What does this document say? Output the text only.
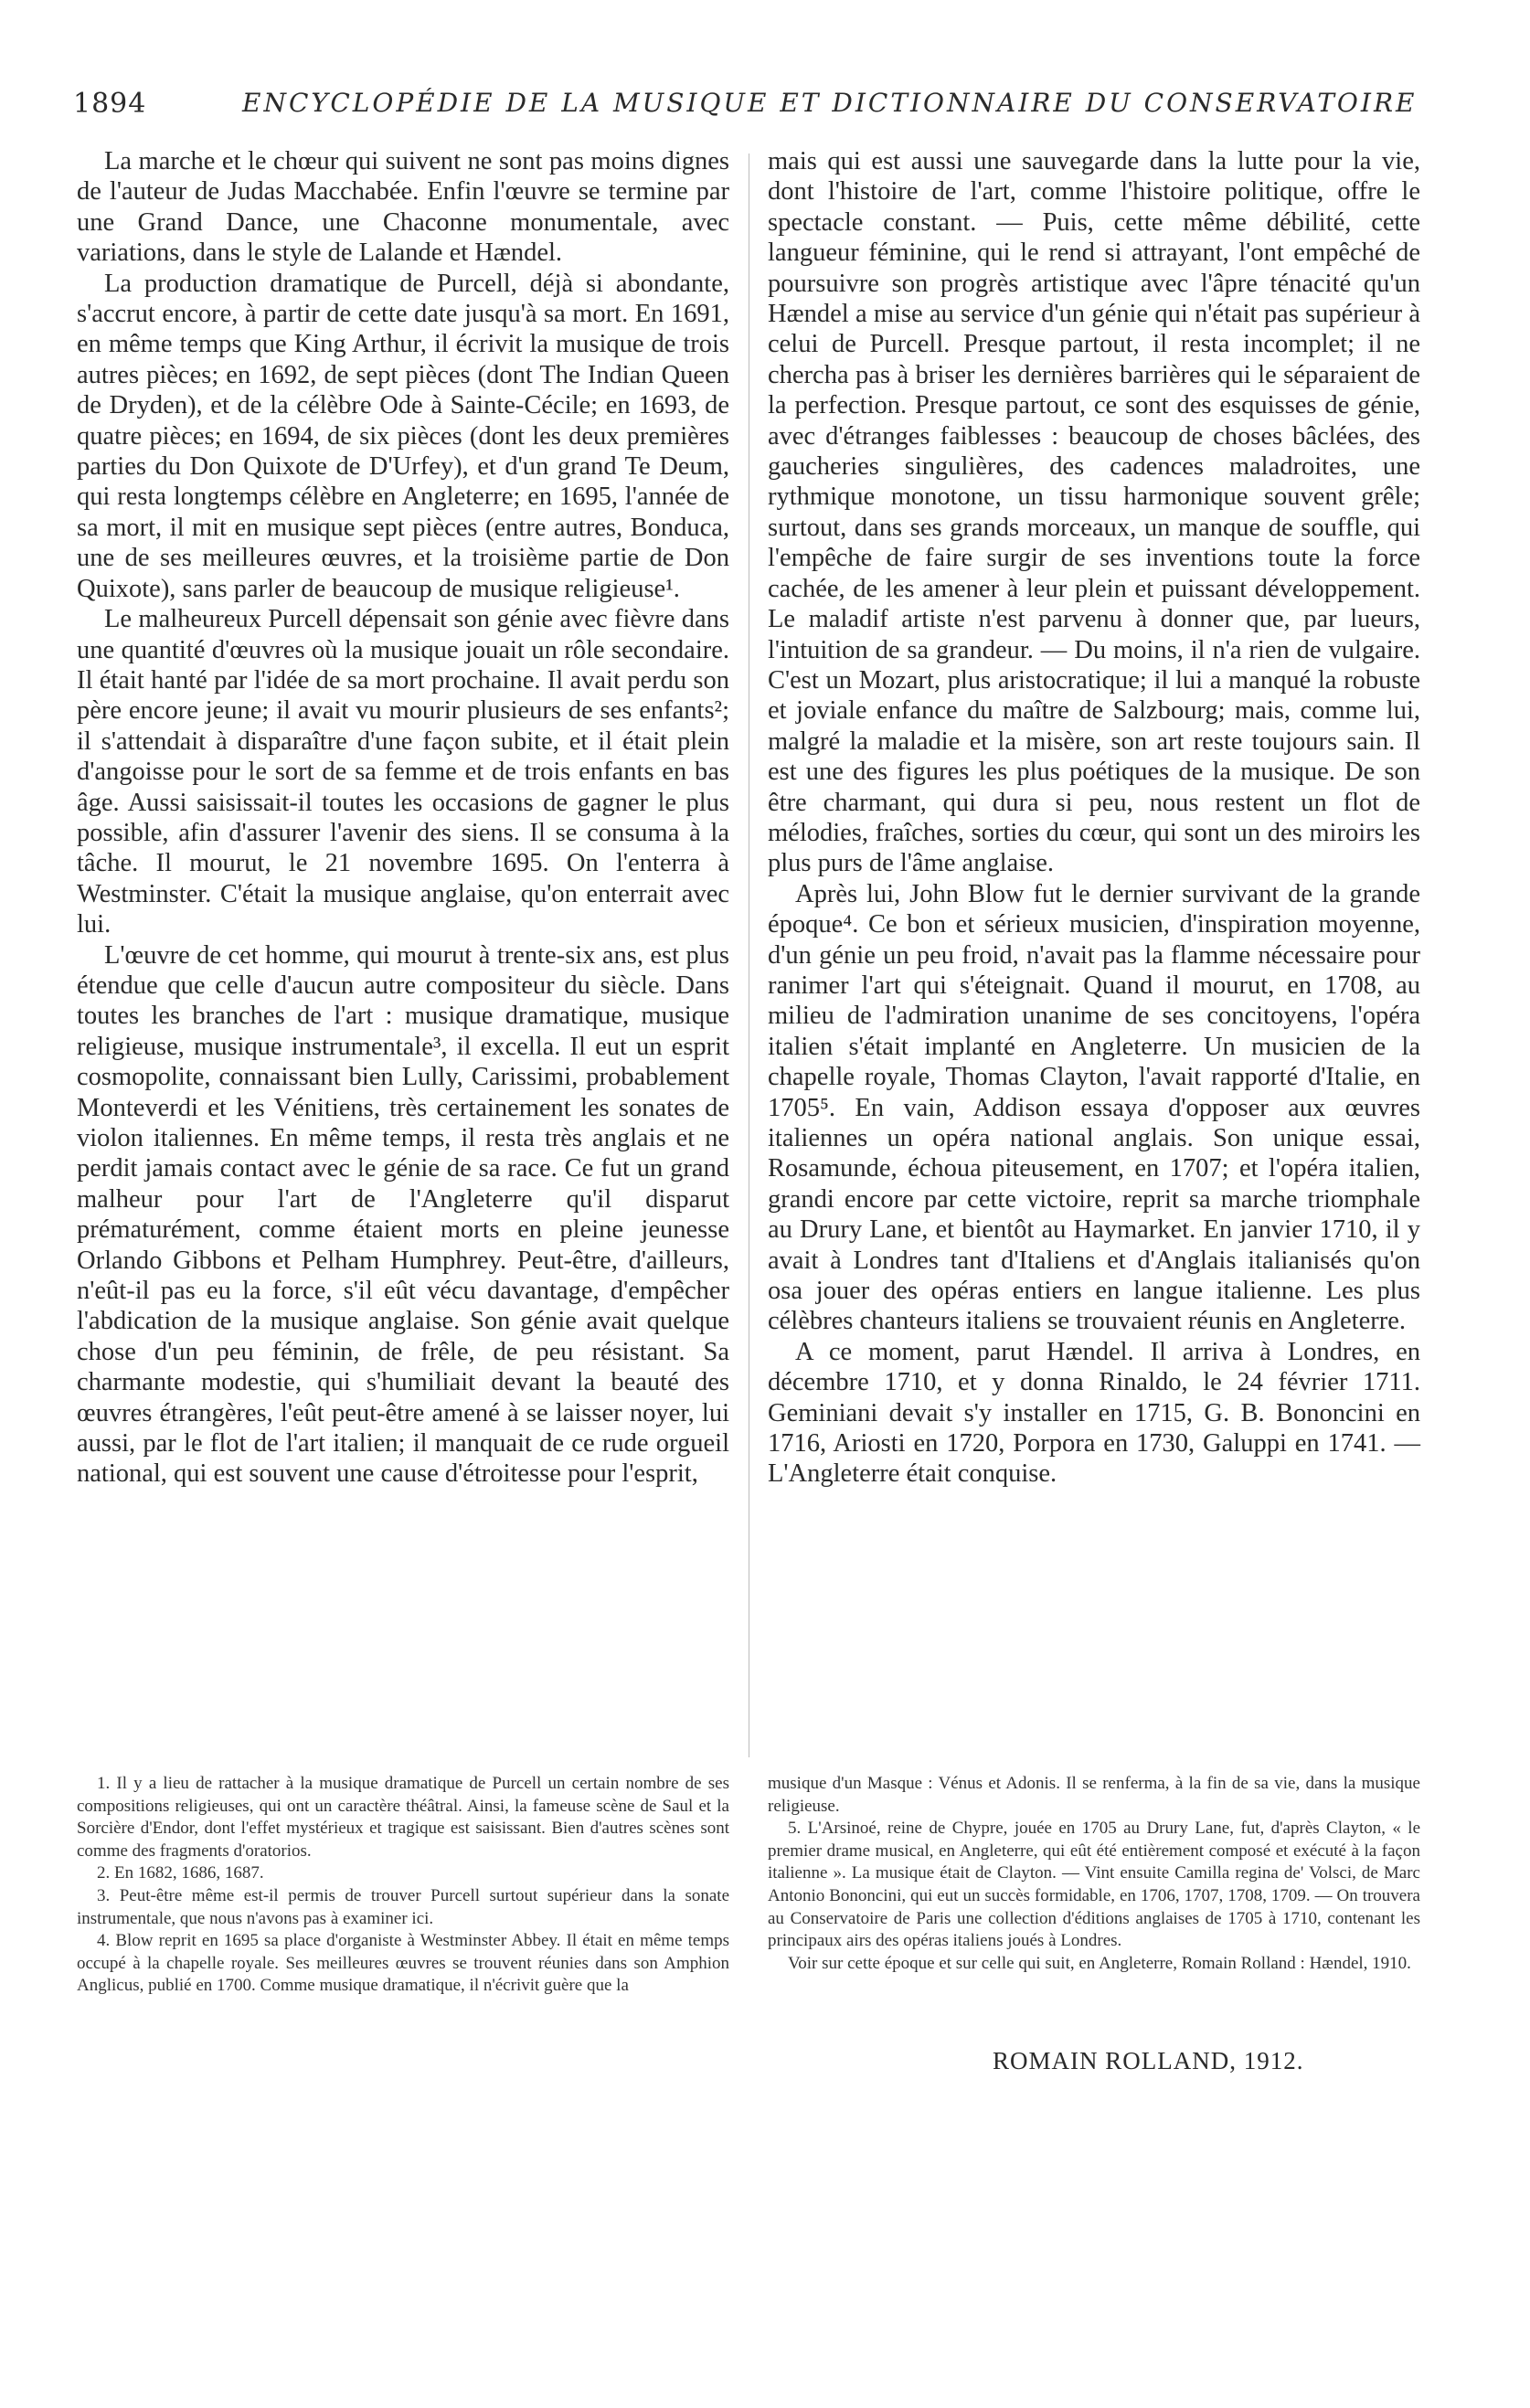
1894	ENCYCLOPÉDIE DE LA MUSIQUE ET DICTIONNAIRE DU CONSERVATOIRE

La marche et le chœur qui suivent ne sont pas moins dignes de l'auteur de Judas Macchabée. Enfin l'œuvre se termine par une Grand Dance, une Chaconne monumentale, avec variations, dans le style de Lalande et Hændel.

La production dramatique de Purcell, déjà si abondante, s'accrut encore, à partir de cette date jusqu'à sa mort. En 1691, en même temps que King Arthur, il écrivit la musique de trois autres pièces; en 1692, de sept pièces (dont The Indian Queen de Dryden), et de la célèbre Ode à Sainte-Cécile; en 1693, de quatre pièces; en 1694, de six pièces (dont les deux premières parties du Don Quixote de D'Urfey), et d'un grand Te Deum, qui resta longtemps célèbre en Angleterre; en 1695, l'année de sa mort, il mit en musique sept pièces (entre autres, Bonduca, une de ses meilleures œuvres, et la troisième partie de Don Quixote), sans parler de beaucoup de musique religieuse¹.

Le malheureux Purcell dépensait son génie avec fièvre dans une quantité d'œuvres où la musique jouait un rôle secondaire. Il était hanté par l'idée de sa mort prochaine. Il avait perdu son père encore jeune; il avait vu mourir plusieurs de ses enfants²; il s'attendait à disparaître d'une façon subite, et il était plein d'angoisse pour le sort de sa femme et de trois enfants en bas âge. Aussi saisissait-il toutes les occasions de gagner le plus possible, afin d'assurer l'avenir des siens. Il se consuma à la tâche. Il mourut, le 21 novembre 1695. On l'enterra à Westminster. C'était la musique anglaise, qu'on enterrait avec lui.

L'œuvre de cet homme, qui mourut à trente-six ans, est plus étendue que celle d'aucun autre compositeur du siècle. Dans toutes les branches de l'art : musique dramatique, musique religieuse, musique instrumentale³, il excella. Il eut un esprit cosmopolite, connaissant bien Lully, Carissimi, probablement Monteverdi et les Vénitiens, très certainement les sonates de violon italiennes. En même temps, il resta très anglais et ne perdit jamais contact avec le génie de sa race. Ce fut un grand malheur pour l'art de l'Angleterre qu'il disparut prématurément, comme étaient morts en pleine jeunesse Orlando Gibbons et Pelham Humphrey. Peut-être, d'ailleurs, n'eût-il pas eu la force, s'il eût vécu davantage, d'empêcher l'abdication de la musique anglaise. Son génie avait quelque chose d'un peu féminin, de frêle, de peu résistant. Sa charmante modestie, qui s'humiliait devant la beauté des œuvres étrangères, l'eût peut-être amené à se laisser noyer, lui aussi, par le flot de l'art italien; il manquait de ce rude orgueil national, qui est souvent une cause d'étroitesse pour l'esprit,

mais qui est aussi une sauvegarde dans la lutte pour la vie, dont l'histoire de l'art, comme l'histoire politique, offre le spectacle constant. — Puis, cette même débilité, cette langueur féminine, qui le rend si attrayant, l'ont empêché de poursuivre son progrès artistique avec l'âpre ténacité qu'un Hændel a mise au service d'un génie qui n'était pas supérieur à celui de Purcell. Presque partout, il resta incomplet; il ne chercha pas à briser les dernières barrières qui le séparaient de la perfection. Presque partout, ce sont des esquisses de génie, avec d'étranges faiblesses : beaucoup de choses bâclées, des gaucheries singulières, des cadences maladroites, une rythmique monotone, un tissu harmonique souvent grêle; surtout, dans ses grands morceaux, un manque de souffle, qui l'empêche de faire surgir de ses inventions toute la force cachée, de les amener à leur plein et puissant développement. Le maladif artiste n'est parvenu à donner que, par lueurs, l'intuition de sa grandeur. — Du moins, il n'a rien de vulgaire. C'est un Mozart, plus aristocratique; il lui a manqué la robuste et joviale enfance du maître de Salzbourg; mais, comme lui, malgré la maladie et la misère, son art reste toujours sain. Il est une des figures les plus poétiques de la musique. De son être charmant, qui dura si peu, nous restent un flot de mélodies, fraîches, sorties du cœur, qui sont un des miroirs les plus purs de l'âme anglaise.

Après lui, John Blow fut le dernier survivant de la grande époque⁴. Ce bon et sérieux musicien, d'inspiration moyenne, d'un génie un peu froid, n'avait pas la flamme nécessaire pour ranimer l'art qui s'éteignait. Quand il mourut, en 1708, au milieu de l'admiration unanime de ses concitoyens, l'opéra italien s'était implanté en Angleterre. Un musicien de la chapelle royale, Thomas Clayton, l'avait rapporté d'Italie, en 1705⁵. En vain, Addison essaya d'opposer aux œuvres italiennes un opéra national anglais. Son unique essai, Rosamunde, échoua piteusement, en 1707; et l'opéra italien, grandi encore par cette victoire, reprit sa marche triomphale au Drury Lane, et bientôt au Haymarket. En janvier 1710, il y avait à Londres tant d'Italiens et d'Anglais italianisés qu'on osa jouer des opéras entiers en langue italienne. Les plus célèbres chanteurs italiens se trouvaient réunis en Angleterre.

A ce moment, parut Hændel. Il arriva à Londres, en décembre 1710, et y donna Rinaldo, le 24 février 1711. Geminiani devait s'y installer en 1715, G. B. Bononcini en 1716, Ariosti en 1720, Porpora en 1730, Galuppi en 1741. — L'Angleterre était conquise.

1. Il y a lieu de rattacher à la musique dramatique de Purcell un certain nombre de ses compositions religieuses, qui ont un caractère théâtral. Ainsi, la fameuse scène de Saul et la Sorcière d'Endor, dont l'effet mystérieux et tragique est saisissant. Bien d'autres scènes sont comme des fragments d'oratorios.

2. En 1682, 1686, 1687.

3. Peut-être même est-il permis de trouver Purcell surtout supérieur dans la sonate instrumentale, que nous n'avons pas à examiner ici.

4. Blow reprit en 1695 sa place d'organiste à Westminster Abbey. Il était en même temps occupé à la chapelle royale. Ses meilleures œuvres se trouvent réunies dans son Amphion Anglicus, publié en 1700. Comme musique dramatique, il n'écrivit guère que la

musique d'un Masque : Vénus et Adonis. Il se renferma, à la fin de sa vie, dans la musique religieuse.

5. L'Arsinoé, reine de Chypre, jouée en 1705 au Drury Lane, fut, d'après Clayton, « le premier drame musical, en Angleterre, qui eût été entièrement composé et exécuté à la façon italienne ». La musique était de Clayton. — Vint ensuite Camilla regina de' Volsci, de Marc Antonio Bononcini, qui eut un succès formidable, en 1706, 1707, 1708, 1709. — On trouvera au Conservatoire de Paris une collection d'éditions anglaises de 1705 à 1710, contenant les principaux airs des opéras italiens joués à Londres.

Voir sur cette époque et sur celle qui suit, en Angleterre, Romain Rolland : Hændel, 1910.

ROMAIN ROLLAND, 1912.
